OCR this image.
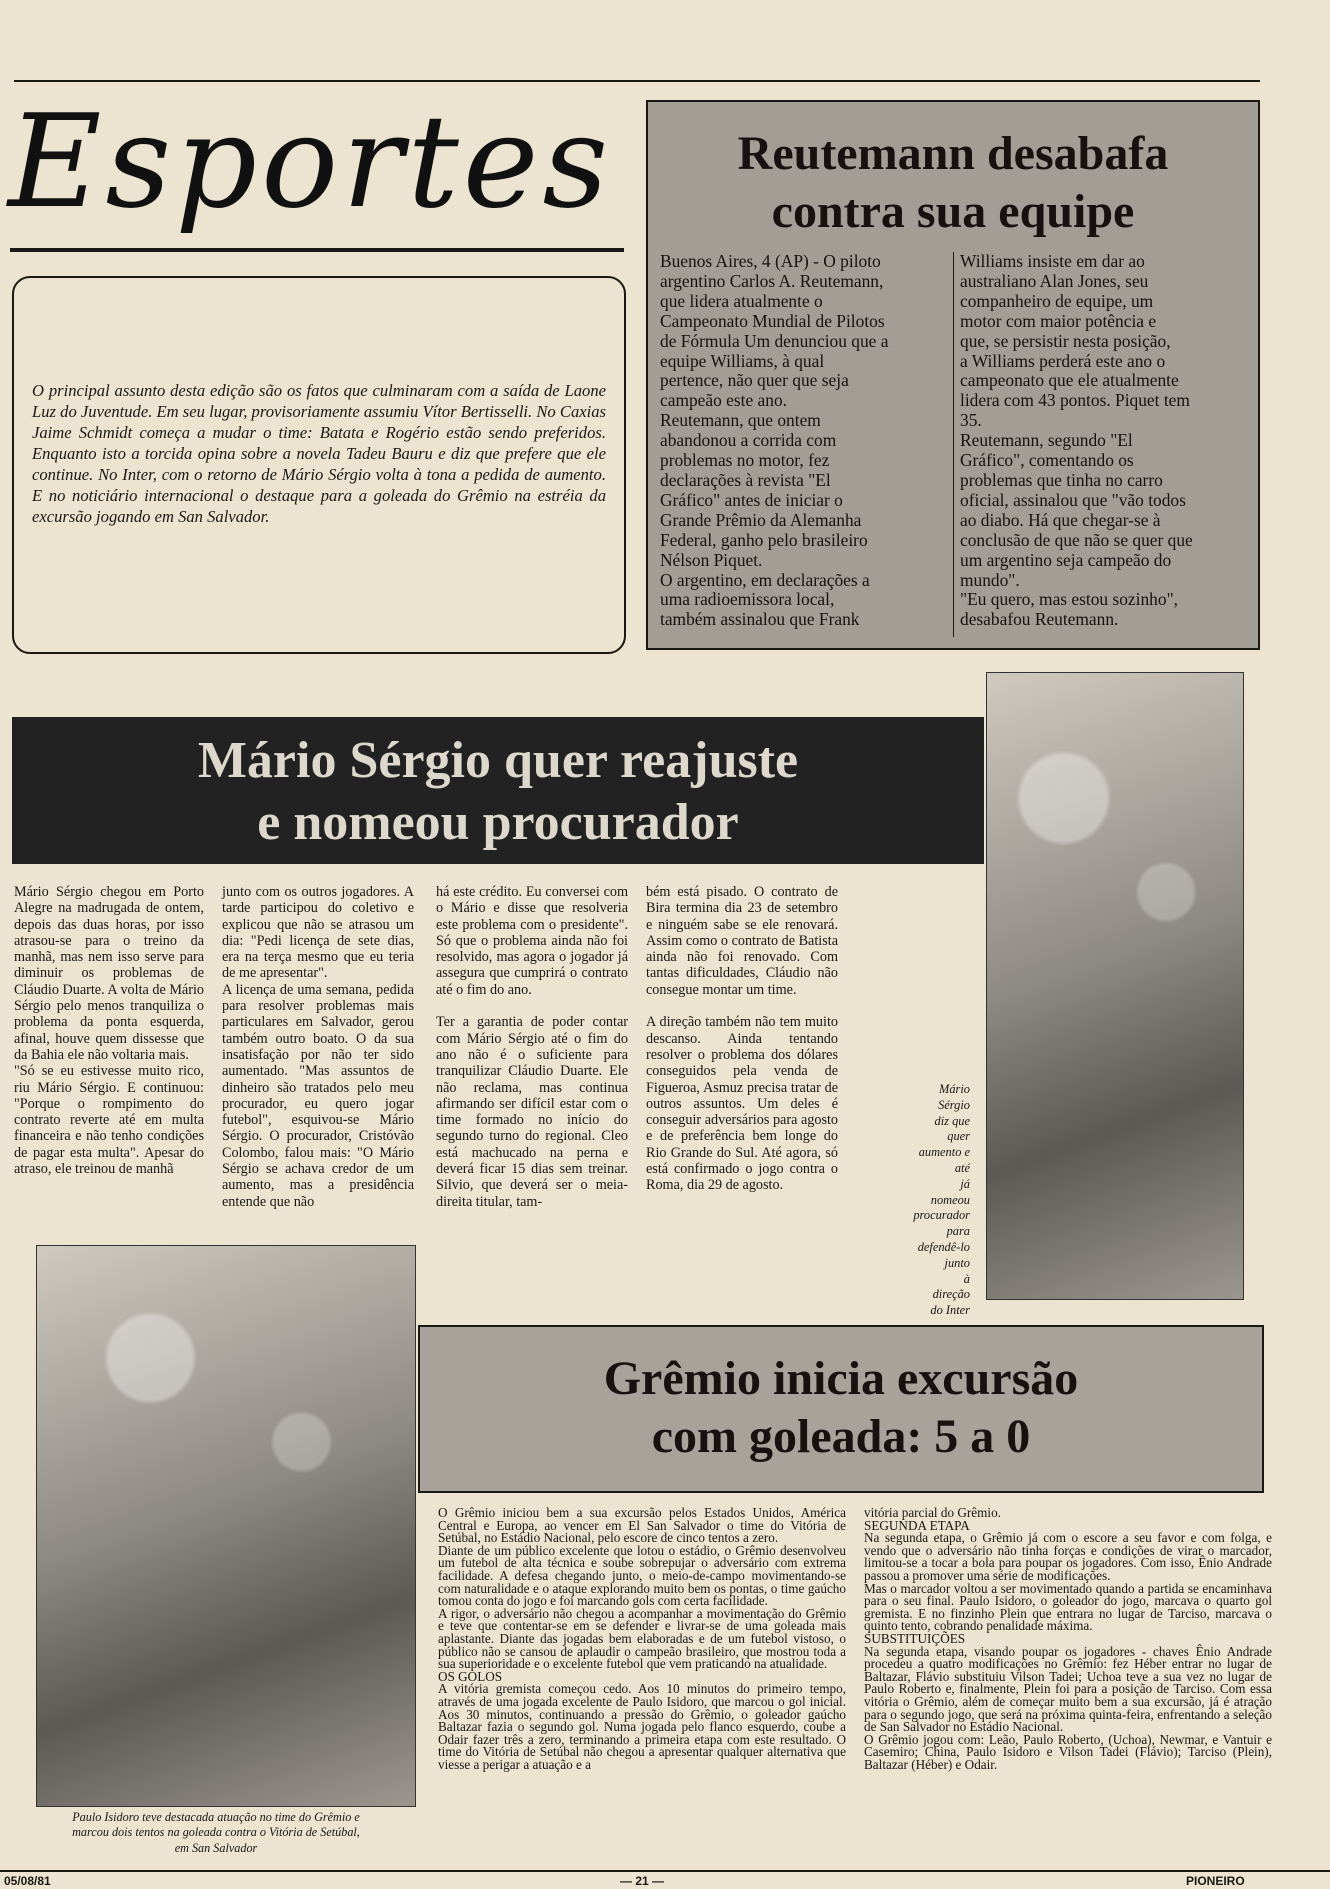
Esportes
O principal assunto desta edição são os fatos que culminaram com a saída de Laone Luz do Juventude. Em seu lugar, provisoriamente assumiu Vítor Bertisselli. No Caxias Jaime Schmidt começa a mudar o time: Batata e Rogério estão sendo preferidos. Enquanto isto a torcida opina sobre a novela Tadeu Bauru e diz que prefere que ele continue. No Inter, com o retorno de Mário Sérgio volta à tona a pedida de aumento. E no noticiário internacional o destaque para a goleada do Grêmio na estréia da excursão jogando em San Salvador.
Reutemann desabafa
contra sua equipe
Buenos Aires, 4 (AP) - O piloto
argentino Carlos A. Reutemann,
que lidera atualmente o
Campeonato Mundial de Pilotos
de Fórmula Um denunciou que a
equipe Williams, à qual
pertence, não quer que seja
campeão este ano.
Reutemann, que ontem
abandonou a corrida com
problemas no motor, fez
declarações à revista "El
Gráfico" antes de iniciar o
Grande Prêmio da Alemanha
Federal, ganho pelo brasileiro
Nélson Piquet.
O argentino, em declarações a
uma radioemissora local,
também assinalou que Frank
Williams insiste em dar ao
australiano Alan Jones, seu
companheiro de equipe, um
motor com maior potência e
que, se persistir nesta posição,
a Williams perderá este ano o
campeonato que ele atualmente
lidera com 43 pontos. Piquet tem
35.
Reutemann, segundo "El
Gráfico", comentando os
problemas que tinha no carro
oficial, assinalou que "vão todos
ao diabo. Há que chegar-se à
conclusão de que não se quer que
um argentino seja campeão do
mundo".
"Eu quero, mas estou sozinho",
desabafou Reutemann.
Mário Sérgio quer reajuste
e nomeou procurador
Mário Sérgio chegou em Porto Alegre na madrugada de ontem, depois das duas horas, por isso atrasou-se para o treino da manhã, mas nem isso serve para diminuir os problemas de Cláudio Duarte. A volta de Mário Sérgio pelo menos tranquiliza o problema da ponta esquerda, afinal, houve quem dissesse que da Bahia ele não voltaria mais.
"Só se eu estivesse muito rico, riu Mário Sérgio. E continuou: "Porque o rompimento do contrato reverte até em multa financeira e não tenho condições de pagar esta multa". Apesar do atraso, ele treinou de manhã
junto com os outros jogadores. A tarde participou do coletivo e explicou que não se atrasou um dia: "Pedi licença de sete dias, era na terça mesmo que eu teria de me apresentar".
A licença de uma semana, pedida para resolver problemas mais particulares em Salvador, gerou também outro boato. O da sua insatisfação por não ter sido aumentado. "Mas assuntos de dinheiro são tratados pelo meu procurador, eu quero jogar futebol", esquivou-se Mário Sérgio. O procurador, Cristóvão Colombo, falou mais: "O Mário Sérgio se achava credor de um aumento, mas a presidência entende que não
há este crédito. Eu conversei com o Mário e disse que resolveria este problema com o presidente". Só que o problema ainda não foi resolvido, mas agora o jogador já assegura que cumprirá o contrato até o fim do ano.

Ter a garantia de poder contar com Mário Sérgio até o fim do ano não é o suficiente para tranquilizar Cláudio Duarte. Ele não reclama, mas continua afirmando ser difícil estar com o time formado no início do segundo turno do regional. Cleo está machucado na perna e deverá ficar 15 dias sem treinar. Silvio, que deverá ser o meia-direita titular, tam-
bém está pisado. O contrato de Bira termina dia 23 de setembro e ninguém sabe se ele renovará. Assim como o contrato de Batista ainda não foi renovado. Com tantas dificuldades, Cláudio não consegue montar um time.

A direção também não tem muito descanso. Ainda tentando resolver o problema dos dólares conseguidos pela venda de Figueroa, Asmuz precisa tratar de outros assuntos. Um deles é conseguir adversários para agosto e de preferência bem longe do Rio Grande do Sul. Até agora, só está confirmado o jogo contra o Roma, dia 29 de agosto.
Mário
Sérgio
diz que
quer
aumento e
até
já
nomeou
procurador
para
defendê-lo
junto
à
direção
do Inter
Grêmio inicia excursão
com goleada: 5 a 0
O Grêmio iniciou bem a sua excursão pelos Estados Unidos, América Central e Europa, ao vencer em El San Salvador o time do Vitória de Setúbal, no Estádio Nacional, pelo escore de cinco tentos a zero.
Diante de um público excelente que lotou o estádio, o Grêmio desenvolveu um futebol de alta técnica e soube sobrepujar o adversário com extrema facilidade. A defesa chegando junto, o meio-de-campo movimentando-se com naturalidade e o ataque explorando muito bem os pontas, o time gaúcho tomou conta do jogo e foi marcando gols com certa facilidade.
A rigor, o adversário não chegou a acompanhar a movimentação do Grêmio e teve que contentar-se em se defender e livrar-se de uma goleada mais aplastante. Diante das jogadas bem elaboradas e de um futebol vistoso, o público não se cansou de aplaudir o campeão brasileiro, que mostrou toda a sua superioridade e o excelente futebol que vem praticando na atualidade.
OS GOLOS
A vitória gremista começou cedo. Aos 10 minutos do primeiro tempo, através de uma jogada excelente de Paulo Isidoro, que marcou o gol inicial. Aos 30 minutos, continuando a pressão do Grêmio, o goleador gaúcho Baltazar fazia o segundo gol. Numa jogada pelo flanco esquerdo, coube a Odair fazer três a zero, terminando a primeira etapa com este resultado. O time do Vitória de Setúbal não chegou a apresentar qualquer alternativa que viesse a perigar a atuação e a
vitória parcial do Grêmio.
SEGUNDA ETAPA
Na segunda etapa, o Grêmio já com o escore a seu favor e com folga, e vendo que o adversário não tinha forças e condições de virar o marcador, limitou-se a tocar a bola para poupar os jogadores. Com isso, Ênio Andrade passou a promover uma série de modificações.
Mas o marcador voltou a ser movimentado quando a partida se encaminhava para o seu final. Paulo Isidoro, o goleador do jogo, marcava o quarto gol gremista. E no finzinho Plein que entrara no lugar de Tarciso, marcava o quinto tento, cobrando penalidade máxima.
SUBSTITUIÇÕES
Na segunda etapa, visando poupar os jogadores - chaves Ênio Andrade procedeu a quatro modificações no Grêmio: fez Héber entrar no lugar de Baltazar, Flávio substituiu Vilson Tadei; Uchoa teve a sua vez no lugar de Paulo Roberto e, finalmente, Plein foi para a posição de Tarciso. Com essa vitória o Grêmio, além de começar muito bem a sua excursão, já é atração para o segundo jogo, que será na próxima quinta-feira, enfrentando a seleção de San Salvador no Estádio Nacional.
O Grêmio jogou com: Leão, Paulo Roberto, (Uchoa), Newmar, e Vantuir e Casemiro; China, Paulo Isidoro e Vilson Tadei (Flávio); Tarciso (Plein), Baltazar (Héber) e Odair.
Paulo Isidoro teve destacada atuação no time do Grêmio e
marcou dois tentos na goleada contra o Vitória de Setúbal,
em San Salvador
05/08/81	— 21 —	PIONEIRO
